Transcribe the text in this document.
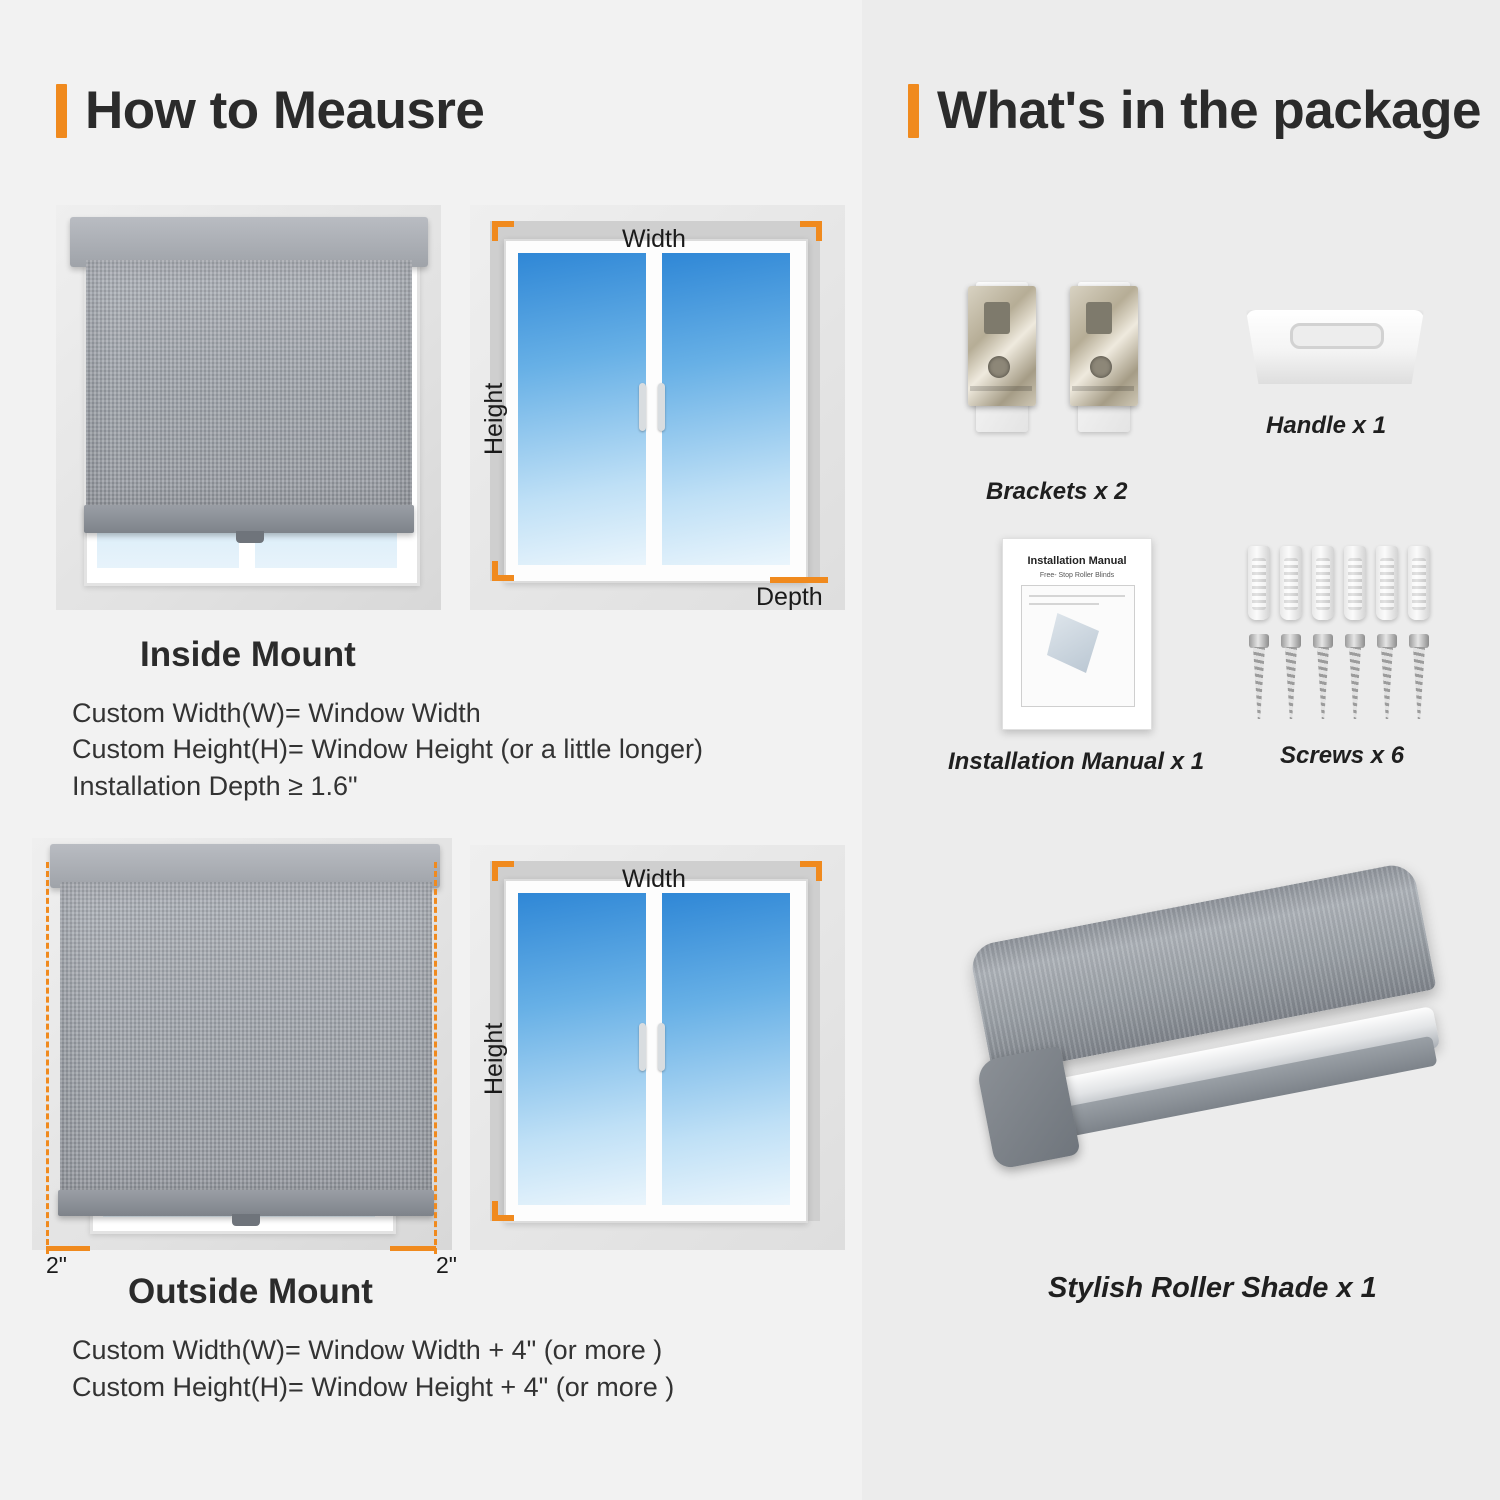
How to Meausre
Width
Height
Depth
Inside Mount
Custom Width(W)= Window Width
Custom Height(H)= Window Height (or a little longer)
Installation Depth ≥ 1.6"
2"	2"
Width
Height
Outside Mount
Custom Width(W)= Window Width + 4" (or more )
Custom Height(H)= Window Height + 4" (or more )
What's in the package
Brackets x 2
Handle x 1
Installation Manual
Free- Stop Roller Blinds
Installation Manual x 1	Screws x 6
Stylish Roller Shade x 1
